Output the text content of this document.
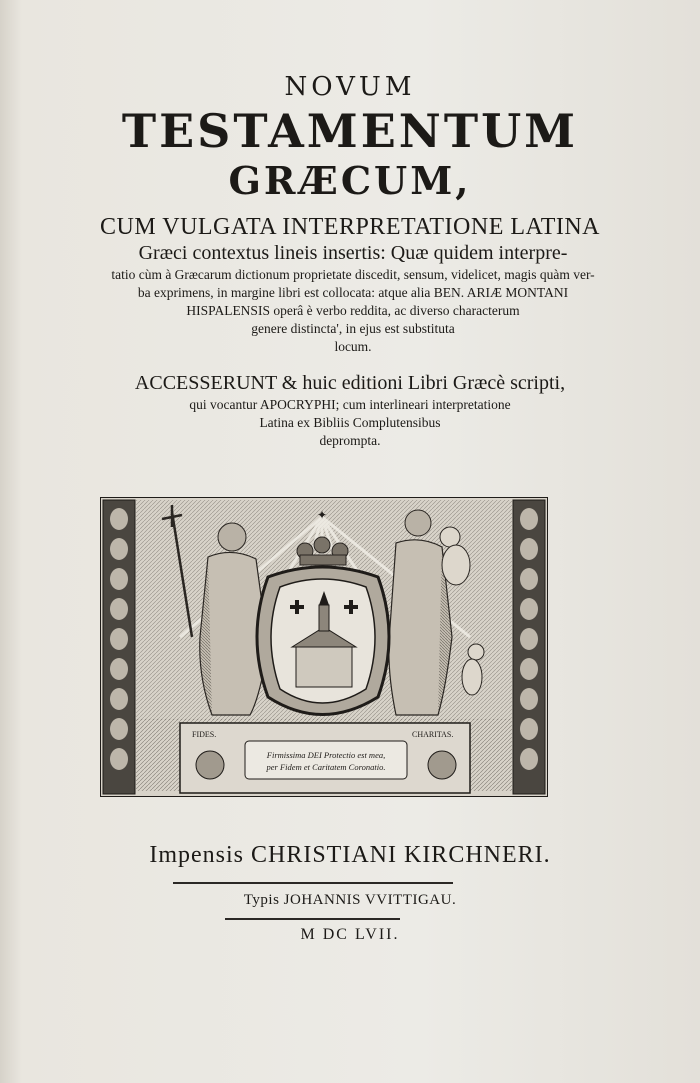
NOVUM
TESTAMENTUM
GRÆCUM,
CUM VULGATA INTERPRETATIONE LATINA
Græci contextus lineis insertis: Quæ quidem interpre-
tatio cùm à Græcarum dictionum proprietate discedit, sensum, videlicet, magis quàm ver-
ba exprimens, in margine libri est collocata: atque alia BEN. ARIÆ MONTANI
HISPALENSIS operâ è verbo reddita, ac diverso characterum
genere distincta', in ejus est substituta
locum.
ACCESSERUNT & huic editioni Libri Græcè scripti,
qui vocantur APOCRYPHI; cum interlineari interpretatione
Latina ex Bibliis Complutensibus
deprompta.
✦
FIDES.	CHARITAS.
Firmissima DEI Protectio est mea,
per Fidem et Caritatem Coronatio.
Impensis CHRISTIANI KIRCHNERI.
Typis JOHANNIS VVITTIGAU.
M DC LVII.
